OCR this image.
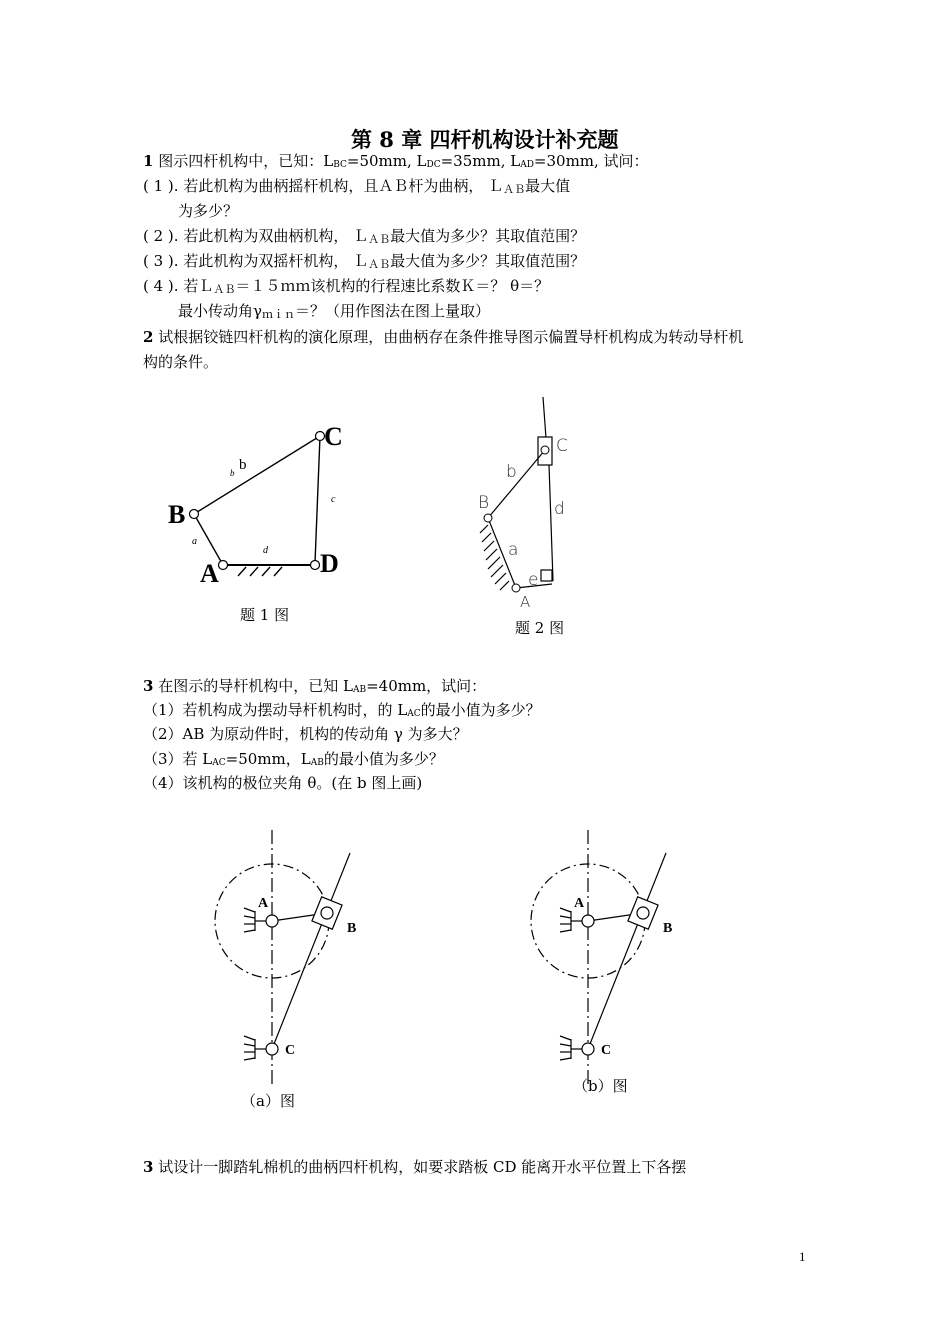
第 8 章 四杆机构设计补充题
1 图示四杆机构中，已知：$L_{BC}=50mm$, $L_{DC}=35mm$, $L_{AD}=30mm$, 试问：
( 1 ). 若此机构为曲柄摇杆机构，且ＡＢ杆为曲柄， ＬＡＢ最大值
为多少？
( 2 ). 若此机构为双曲柄机构， ＬＡＢ最大值为多少？其取值范围？
( 3 ). 若此机构为双摇杆机构， ＬＡＢ最大值为多少？其取值范围？
( 4 ). 若ＬＡＢ＝１５ｍｍ该机构的行程速比系数Ｋ＝？ θ＝？
最小传动角γｍｉｎ＝？（用作图法在图上量取）
2 试根据铰链四杆机构的演化原理，由曲柄存在条件推导图示偏置导杆机构成为转动导杆机
构的条件。
B
C
A	D
b b
c
a
d
题 1 图
C
b
B	d
a
e
A
题 2 图
3 在图示的导杆机构中，已知 $L_{AB}=40mm$，试问：
（1）若机构成为摆动导杆机构时，的 $L_{AC}$的最小值为多少？
（2）AB 为原动件时，机构的传动角 γ 为多大？
（3）若 $L_{AC}=50mm$，$L_{AB}$的最小值为多少？
（4）该机构的极位夹角 θ。(在 b 图上画)
A
B
C
（a）图
A
B
C
（b）图
3 试设计一脚踏轧棉机的曲柄四杆机构，如要求踏板 CD 能离开水平位置上下各摆
1
